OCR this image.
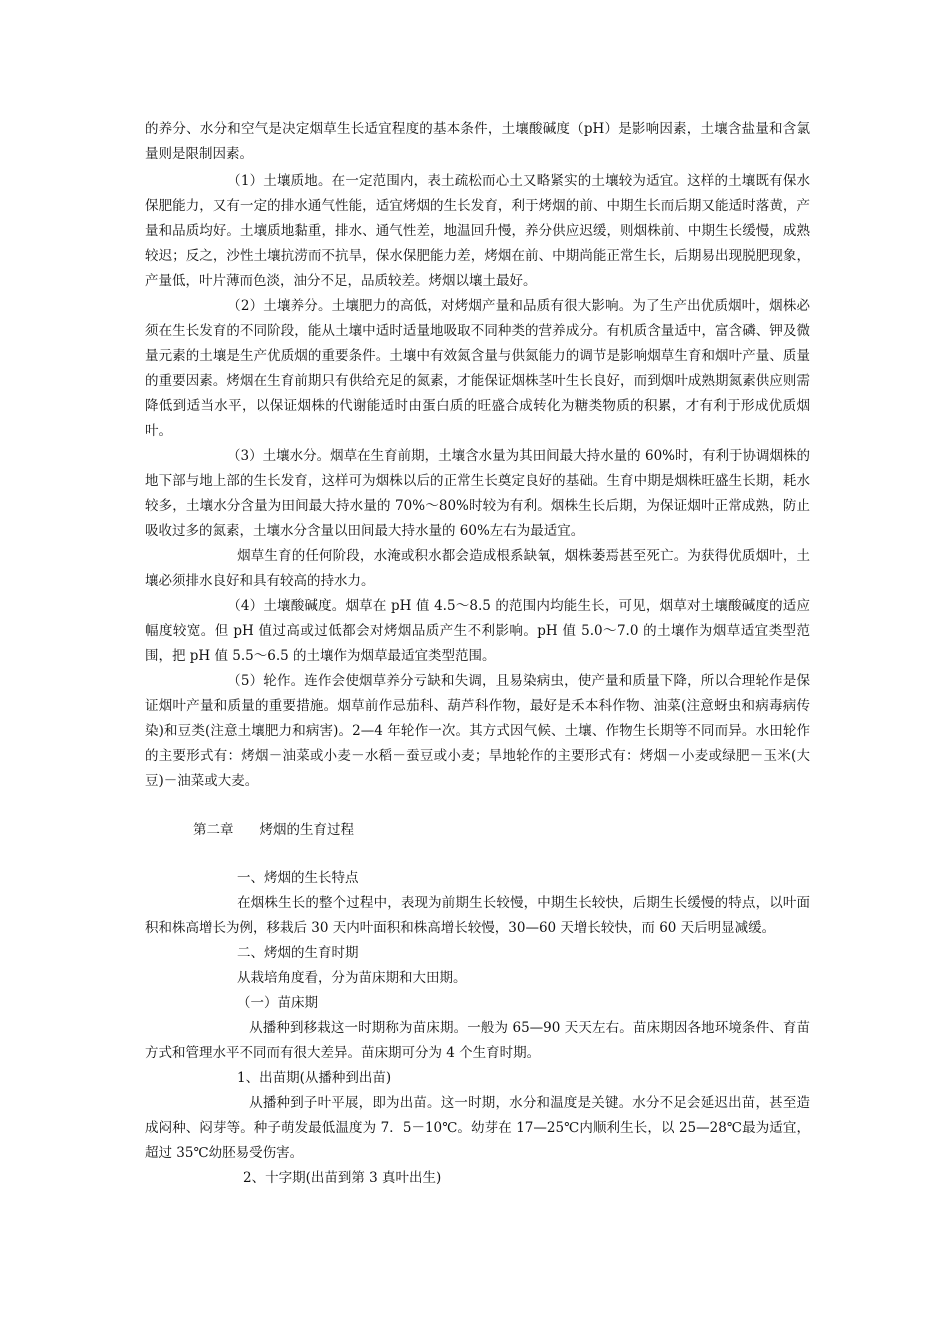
的养分、水分和空气是决定烟草生长适宜程度的基本条件，土壤酸碱度（pH）是影响因素，土壤含盐量和含氯量则是限制因素。

（1）土壤质地。在一定范围内，表土疏松而心土又略紧实的土壤较为适宜。这样的土壤既有保水保肥能力，又有一定的排水通气性能，适宜烤烟的生长发育，利于烤烟的前、中期生长而后期又能适时落黄，产量和品质均好。土壤质地黏重，排水、通气性差，地温回升慢，养分供应迟缓，则烟株前、中期生长缓慢，成熟较迟；反之，沙性土壤抗涝而不抗旱，保水保肥能力差，烤烟在前、中期尚能正常生长，后期易出现脱肥现象，产量低，叶片薄而色淡，油分不足，品质较差。烤烟以壤土最好。

（2）土壤养分。土壤肥力的高低，对烤烟产量和品质有很大影响。为了生产出优质烟叶，烟株必须在生长发育的不同阶段，能从土壤中适时适量地吸取不同种类的营养成分。有机质含量适中，富含磷、钾及微量元素的土壤是生产优质烟的重要条件。土壤中有效氮含量与供氮能力的调节是影响烟草生育和烟叶产量、质量的重要因素。烤烟在生育前期只有供给充足的氮素，才能保证烟株茎叶生长良好，而到烟叶成熟期氮素供应则需降低到适当水平，以保证烟株的代谢能适时由蛋白质的旺盛合成转化为糖类物质的积累，才有利于形成优质烟叶。

（3）土壤水分。烟草在生育前期，土壤含水量为其田间最大持水量的 60%时，有利于协调烟株的地下部与地上部的生长发育，这样可为烟株以后的正常生长奠定良好的基础。生育中期是烟株旺盛生长期，耗水较多，土壤水分含量为田间最大持水量的 70%～80%时较为有利。烟株生长后期，为保证烟叶正常成熟，防止吸收过多的氮素，土壤水分含量以田间最大持水量的 60%左右为最适宜。

烟草生育的任何阶段，水淹或积水都会造成根系缺氧，烟株萎焉甚至死亡。为获得优质烟叶，土壤必须排水良好和具有较高的持水力。

（4）土壤酸碱度。烟草在 pH 值 4.5～8.5 的范围内均能生长，可见，烟草对土壤酸碱度的适应幅度较宽。但 pH 值过高或过低都会对烤烟品质产生不利影响。pH 值 5.0～7.0 的土壤作为烟草适宜类型范围，把 pH 值 5.5～6.5 的土壤作为烟草最适宜类型范围。

（5）轮作。连作会使烟草养分亏缺和失调，且易染病虫，使产量和质量下降，所以合理轮作是保证烟叶产量和质量的重要措施。烟草前作忌茄科、葫芦科作物，最好是禾本科作物、油菜(注意蚜虫和病毒病传染)和豆类(注意土壤肥力和病害)。2—4 年轮作一次。其方式因气候、土壤、作物生长期等不同而异。水田轮作的主要形式有：烤烟－油菜或小麦－水稻－蚕豆或小麦；旱地轮作的主要形式有：烤烟－小麦或绿肥－玉米(大豆)－油菜或大麦。

第二章 烤烟的生育过程
一、烤烟的生长特点

在烟株生长的整个过程中，表现为前期生长较慢，中期生长较快，后期生长缓慢的特点，以叶面积和株高增长为例，移栽后 30 天内叶面积和株高增长较慢，30—60 天增长较快，而 60 天后明显减缓。

二、烤烟的生育时期
从栽培角度看，分为苗床期和大田期。
（一）苗床期

从播种到移栽这一时期称为苗床期。一般为 65—90 天天左右。苗床期因各地环境条件、育苗方式和管理水平不同而有很大差异。苗床期可分为 4 个生育时期。

1、出苗期(从播种到出苗)

从播种到子叶平展，即为出苗。这一时期，水分和温度是关键。水分不足会延迟出苗，甚至造成闷种、闷芽等。种子萌发最低温度为 7．5－10℃。幼芽在 17—25℃内顺利生长，以 25—28℃最为适宜，超过 35℃幼胚易受伤害。

2、十字期(出苗到第 3 真叶出生)
